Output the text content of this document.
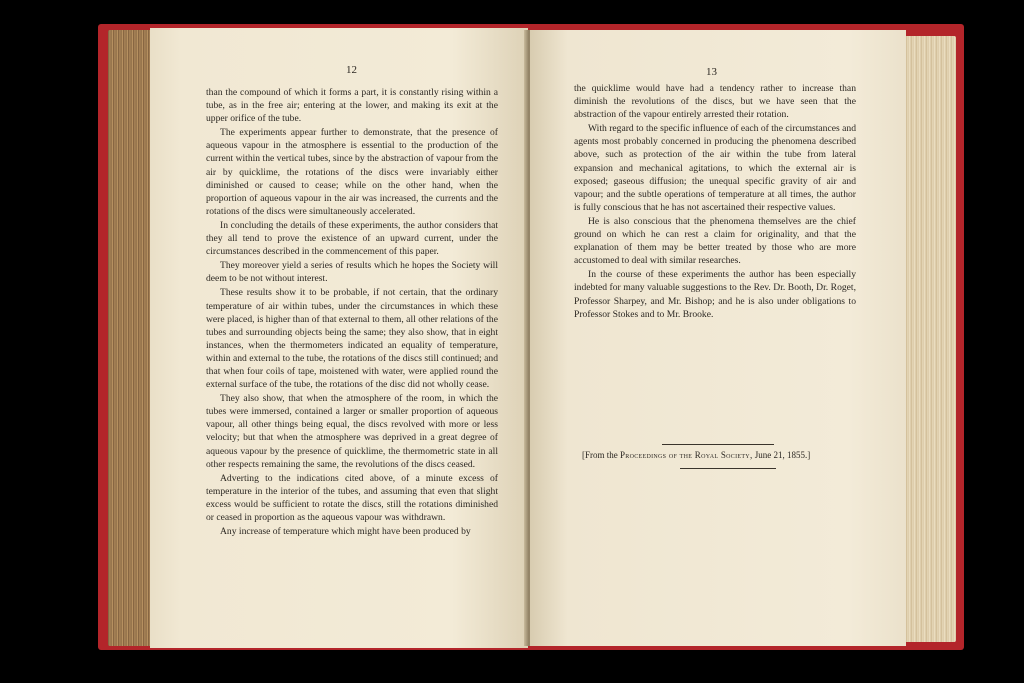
12

than the compound of which it forms a part, it is constantly rising within a tube, as in the free air; entering at the lower, and making its exit at the upper orifice of the tube.

The experiments appear further to demonstrate, that the presence of aqueous vapour in the atmosphere is essential to the production of the current within the vertical tubes, since by the abstraction of vapour from the air by quicklime, the rotations of the discs were invariably either diminished or caused to cease; while on the other hand, when the proportion of aqueous vapour in the air was increased, the currents and the rotations of the discs were simultaneously accelerated.

In concluding the details of these experiments, the author considers that they all tend to prove the existence of an upward current, under the circumstances described in the commencement of this paper.

They moreover yield a series of results which he hopes the Society will deem to be not without interest.

These results show it to be probable, if not certain, that the ordinary temperature of air within tubes, under the circumstances in which these were placed, is higher than of that external to them, all other relations of the tubes and surrounding objects being the same; they also show, that in eight instances, when the thermometers indicated an equality of temperature, within and external to the tube, the rotations of the discs still continued; and that when four coils of tape, moistened with water, were applied round the external surface of the tube, the rotations of the disc did not wholly cease.

They also show, that when the atmosphere of the room, in which the tubes were immersed, contained a larger or smaller proportion of aqueous vapour, all other things being equal, the discs revolved with more or less velocity; but that when the atmosphere was deprived in a great degree of aqueous vapour by the presence of quicklime, the thermometric state in all other respects remaining the same, the revolutions of the discs ceased.

Adverting to the indications cited above, of a minute excess of temperature in the interior of the tubes, and assuming that even that slight excess would be sufficient to rotate the discs, still the rotations diminished or ceased in proportion as the aqueous vapour was withdrawn.

Any increase of temperature which might have been produced by

13

the quicklime would have had a tendency rather to increase than diminish the revolutions of the discs, but we have seen that the abstraction of the vapour entirely arrested their rotation.

With regard to the specific influence of each of the circumstances and agents most probably concerned in producing the phenomena described above, such as protection of the air within the tube from lateral expansion and mechanical agitations, to which the external air is exposed; gaseous diffusion; the unequal specific gravity of air and vapour; and the subtle operations of temperature at all times, the author is fully conscious that he has not ascertained their respective values.

He is also conscious that the phenomena themselves are the chief ground on which he can rest a claim for originality, and that the explanation of them may be better treated by those who are more accustomed to deal with similar researches.

In the course of these experiments the author has been especially indebted for many valuable suggestions to the Rev. Dr. Booth, Dr. Roget, Professor Sharpey, and Mr. Bishop; and he is also under obligations to Professor Stokes and to Mr. Brooke.

[From the Proceedings of the Royal Society, June 21, 1855.]
